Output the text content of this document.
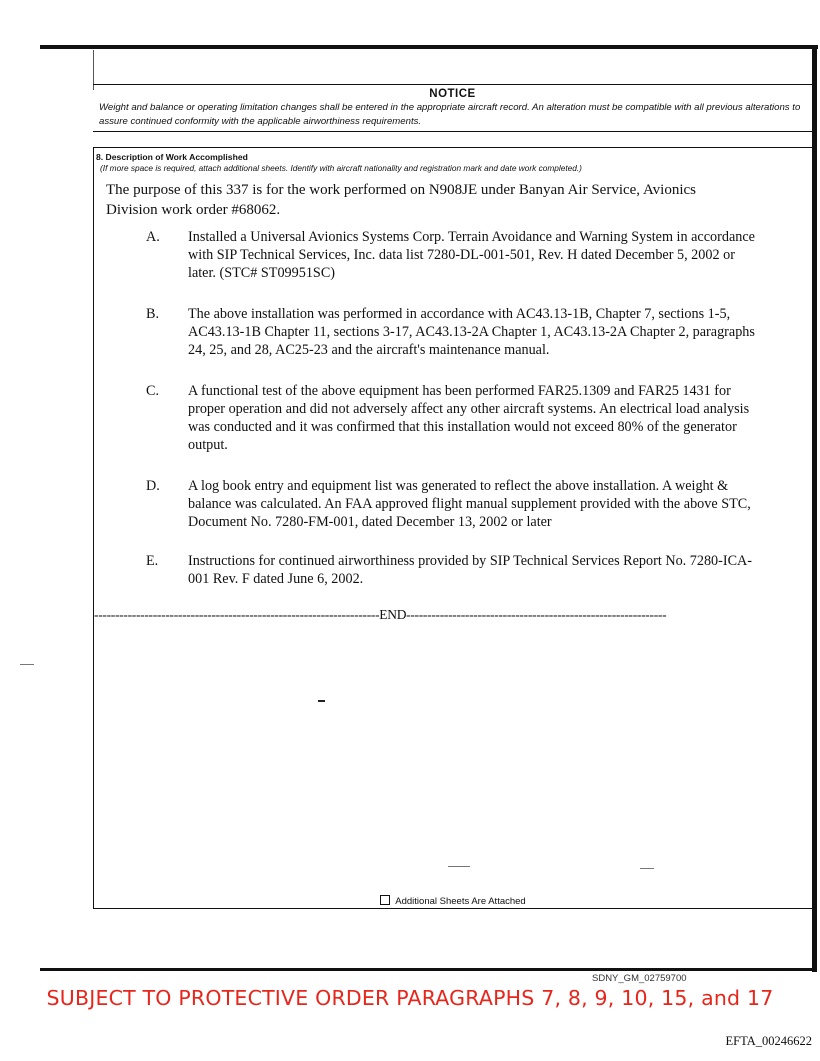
NOTICE
Weight and balance or operating limitation changes shall be entered in the appropriate aircraft record. An alteration must be compatible with all previous alterations to assure continued conformity with the applicable airworthiness requirements.
8. Description of Work Accomplished
(If more space is required, attach additional sheets. Identify with aircraft nationality and registration mark and date work completed.)
The purpose of this 337 is for the work performed on N908JE under Banyan Air Service, Avionics Division work order #68062.
A.	Installed a Universal Avionics Systems Corp. Terrain Avoidance and Warning System in accordance with SIP Technical Services, Inc. data list 7280-DL-001-501, Rev. H dated December 5, 2002 or later. (STC# ST09951SC)
B.	The above installation was performed in accordance with AC43.13-1B, Chapter 7, sections 1-5, AC43.13-1B Chapter 11, sections 3-17, AC43.13-2A Chapter 1, AC43.13-2A Chapter 2, paragraphs 24, 25, and 28, AC25-23 and the aircraft's maintenance manual.
C.	A functional test of the above equipment has been performed FAR25.1309 and FAR25 1431 for proper operation and did not adversely affect any other aircraft systems. An electrical load analysis was conducted and it was confirmed that this installation would not exceed 80% of the generator output.
D.	A log book entry and equipment list was generated to reflect the above installation. A weight & balance was calculated. An FAA approved flight manual supplement provided with the above STC, Document No. 7280-FM-001, dated December 13, 2002 or later
E.	Instructions for continued airworthiness provided by SIP Technical Services Report No. 7280-ICA-001 Rev. F dated June 6, 2002.
--------------------------------------------------------------------END--------------------------------------------------------------
Additional Sheets Are Attached
SDNY_GM_02759700
SUBJECT TO PROTECTIVE ORDER PARAGRAPHS 7, 8, 9, 10, 15, and 17
EFTA_00246622
